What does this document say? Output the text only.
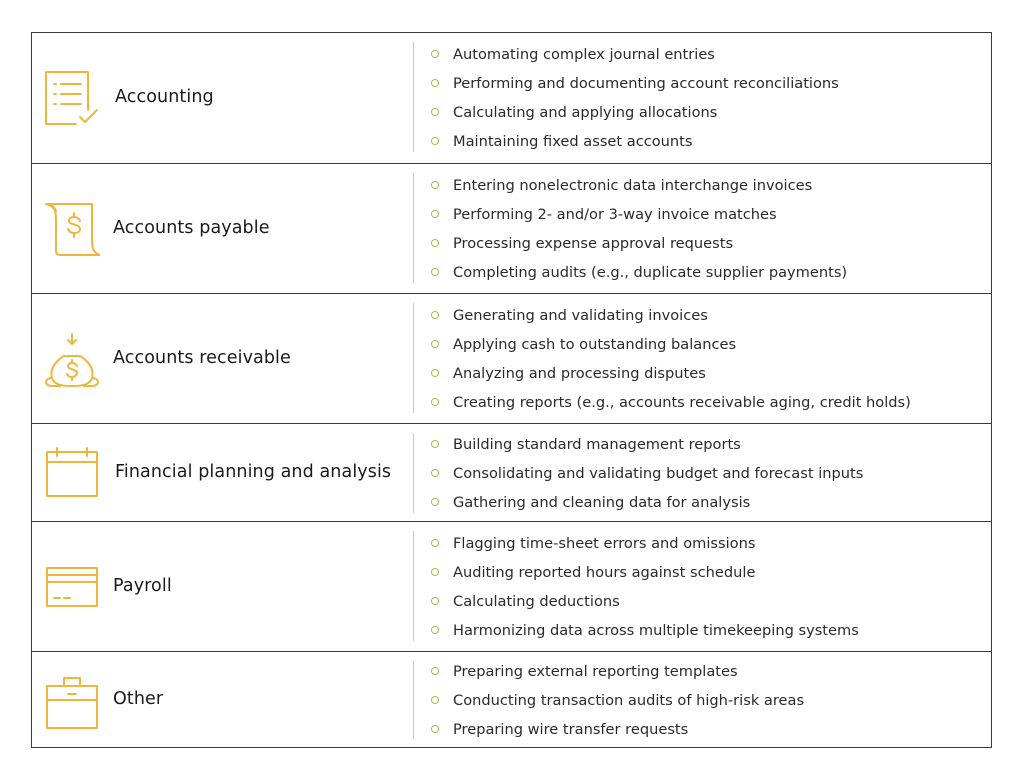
Accounting
Automating complex journal entries
Performing and documenting account reconciliations
Calculating and applying allocations
Maintaining fixed asset accounts
Accounts payable
Entering nonelectronic data interchange invoices
Performing 2- and/or 3-way invoice matches
Processing expense approval requests
Completing audits (e.g., duplicate supplier payments)
Accounts receivable
Generating and validating invoices
Applying cash to outstanding balances
Analyzing and processing disputes
Creating reports (e.g., accounts receivable aging, credit holds)
Financial planning and analysis
Building standard management reports
Consolidating and validating budget and forecast inputs
Gathering and cleaning data for analysis
Payroll
Flagging time-sheet errors and omissions
Auditing reported hours against schedule
Calculating deductions
Harmonizing data across multiple timekeeping systems
Other
Preparing external reporting templates
Conducting transaction audits of high-risk areas
Preparing wire transfer requests
